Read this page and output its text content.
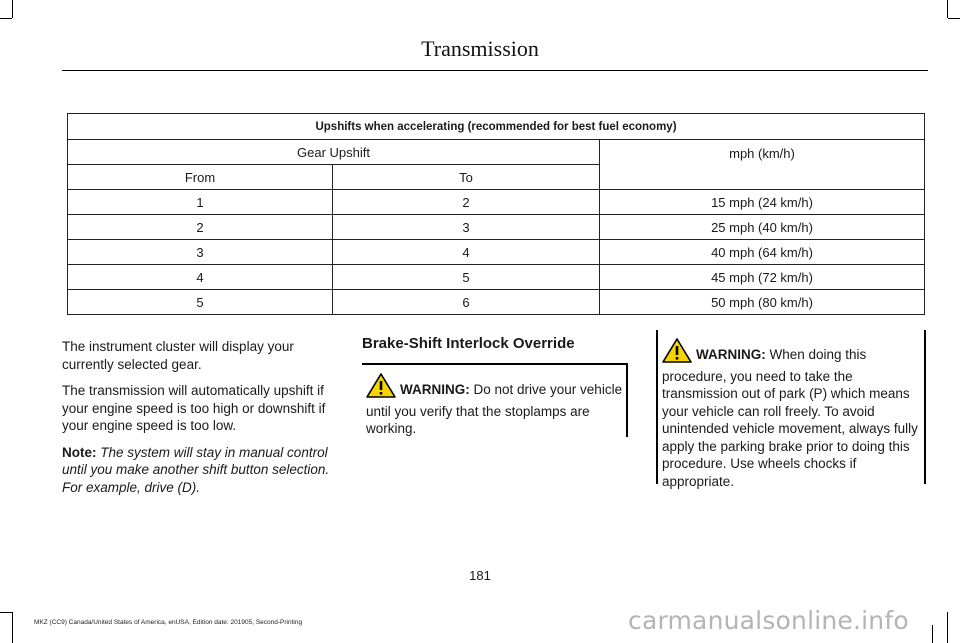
Transmission
Upshifts when accelerating (recommended for best fuel economy)		
Gear Upshift		mph (km/h)
From	To	
1	2	15 mph (24 km/h)
2	3	25 mph (40 km/h)
3	4	40 mph (64 km/h)
4	5	45 mph (72 km/h)
5	6	50 mph (80 km/h)

The instrument cluster will display your currently selected gear.

The transmission will automatically upshift if your engine speed is too high or downshift if your engine speed is too low.

Note: The system will stay in manual control until you make another shift button selection. For example, drive (D).

Brake-Shift Interlock Override
WARNING: Do not drive your vehicle until you verify that the stoplamps are working.
WARNING: When doing this procedure, you need to take the transmission out of park (P) which means your vehicle can roll freely. To avoid unintended vehicle movement, always fully apply the parking brake prior to doing this procedure. Use wheels chocks if appropriate.
181
MKZ (CC9) Canada/United States of America, enUSA, Edition date: 201905, Second-Printing	carmanualsonline.info
